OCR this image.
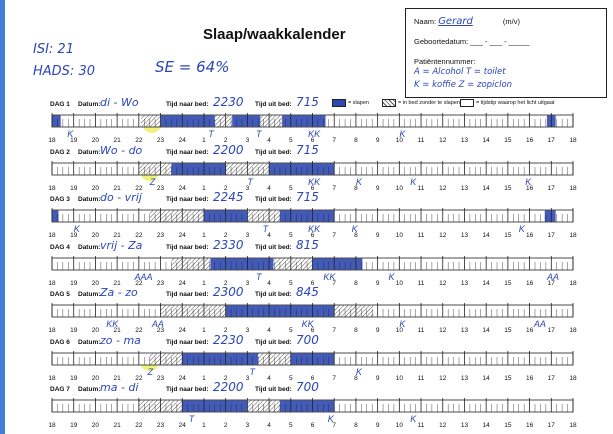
Slaap/waakkalender
ISI: 21
HADS: 30	SE = 64%
Naam: Gerard	(m/v)
Geboortedatum: ___ - ___ - _____
Patiëntennummer:
A = Alcohol T = toilet
K = koffie Z = zopiclon
= slapen	= in bed zonder te slapen	= tijdstip waarop het licht uitgaat
DAG 1 Datum: di - Wo	Tijd naar bed: 2230 Tijd uit bed: 715
18 19 20 21 22 23 24	1	2	3	4	5	6	7	8	9	10 11 12 13 14 15 16 17 18
K	T	T	KK	K
DAG 2 Datum: Wo - do	Tijd naar bed: 2200 Tijd uit bed: 715
18 19 20 21 22 23 24	1	2	3	4	5	6	7	8	9	10 11 12 13 14 15 16 17 18
Z	T	KK	K	K	K
DAG 3 Datum: do - vrij	Tijd naar bed: 2245 Tijd uit bed: 715
18 19 20 21 22 23 24	1	2	3	4	5	6	7	8	9	10 11 12 13 14 15 16 17 18
K	T	KK	K	K
DAG 4 Datum: vrij - Za	Tijd naar bed: 2330 Tijd uit bed: 815
18 19 20 21 22 23 24	1	2	3	4	5	6	7	8	9	10 11 12 13 14 15 16 17 18
AAA	T	KK	K	AA
DAG 5 Datum: Za - zo	Tijd naar bed: 2300 Tijd uit bed: 845
18 19 20 21 22 23 24	1	2	3	4	5	6	7	8	9	10 11 12 13 14 15 16 17 18
KK	AA	KK	K	AA
DAG 6 Datum: zo - ma	Tijd naar bed: 2230 Tijd uit bed: 700
18 19 20 21 22 23 24	1	2	3	4	5	6	7	8	9	10 11 12 13 14 15 16 17 18
Z	T	K
DAG 7 Datum: ma - di	Tijd naar bed: 2200 Tijd uit bed: 700
18 19 20 21 22 23 24	1	2	3	4	5	6	7	8	9	10 11 12 13 14 15 16 17 18
T	K	K
